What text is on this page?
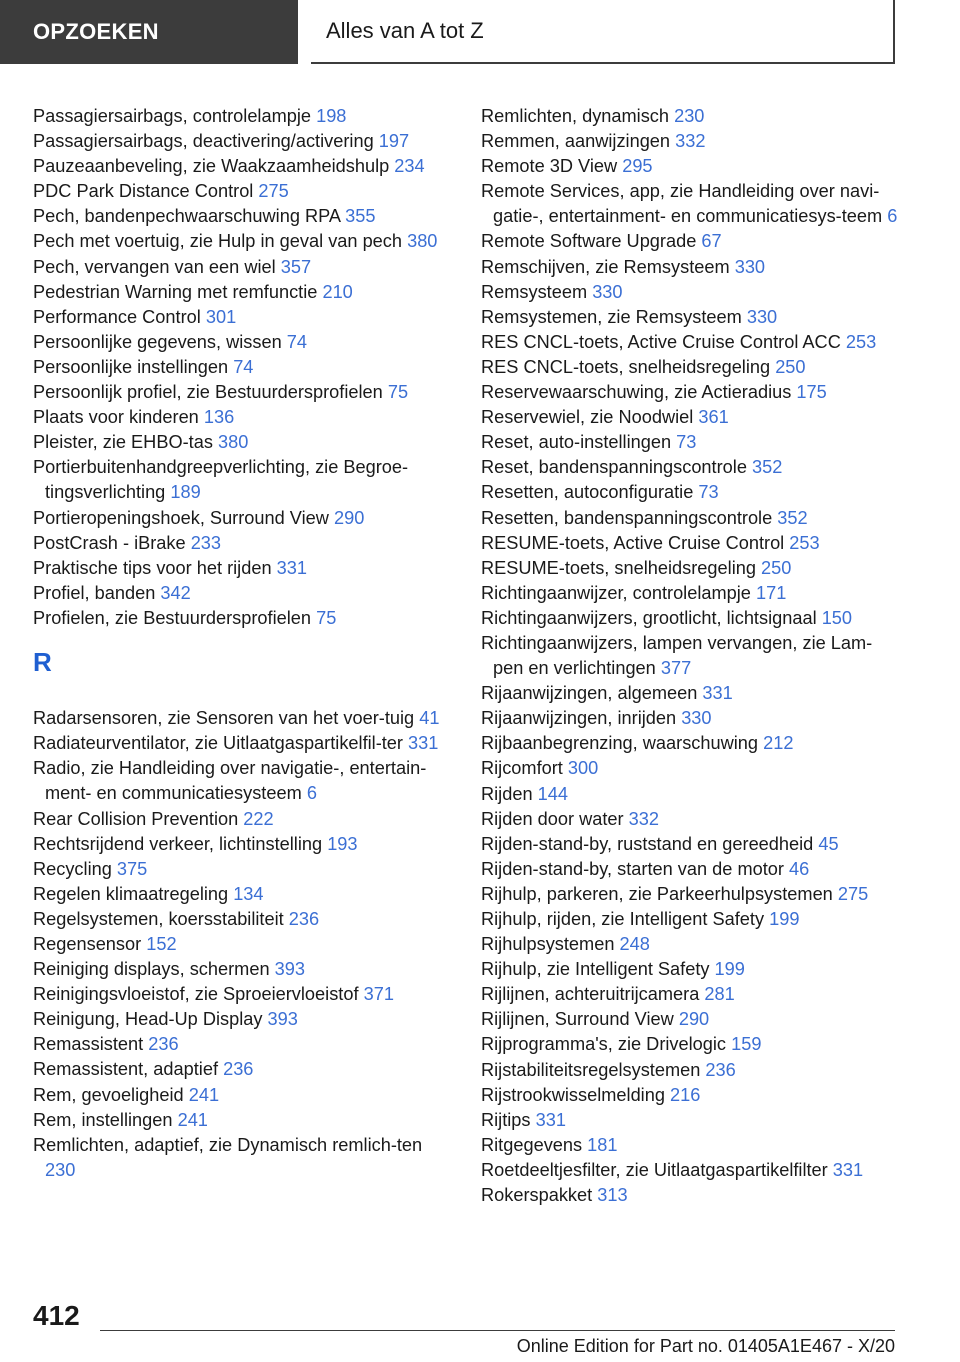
OPZOEKEN	Alles van A tot Z
Passagiersairbags, controlelampje 198
Passagiersairbags, deactivering/activering 197
Pauzeaanbeveling, zie Waakzaamheidshulp 234
PDC Park Distance Control 275
Pech, bandenpechwaarschuwing RPA 355
Pech met voertuig, zie Hulp in geval van pech 380
Pech, vervangen van een wiel 357
Pedestrian Warning met remfunctie 210
Performance Control 301
Persoonlijke gegevens, wissen 74
Persoonlijke instellingen 74
Persoonlijk profiel, zie Bestuurdersprofielen 75
Plaats voor kinderen 136
Pleister, zie EHBO-tas 380
Portierbuitenhandgreepverlichting, zie Begroe-tingsverlichting 189
Portieropeningshoek, Surround View 290
PostCrash - iBrake 233
Praktische tips voor het rijden 331
Profiel, banden 342
Profielen, zie Bestuurdersprofielen 75
R
Radarsensoren, zie Sensoren van het voer-tuig 41
Radiateurventilator, zie Uitlaatgaspartikelfil-ter 331
Radio, zie Handleiding over navigatie-, entertain-ment- en communicatiesysteem 6
Rear Collision Prevention 222
Rechtsrijdend verkeer, lichtinstelling 193
Recycling 375
Regelen klimaatregeling 134
Regelsystemen, koersstabiliteit 236
Regensensor 152
Reiniging displays, schermen 393
Reinigingsvloeistof, zie Sproeiervloeistof 371
Reinigung, Head-Up Display 393
Remassistent 236
Remassistent, adaptief 236
Rem, gevoeligheid 241
Rem, instellingen 241
Remlichten, adaptief, zie Dynamisch remlich-ten 230
Remlichten, dynamisch 230
Remmen, aanwijzingen 332
Remote 3D View 295
Remote Services, app, zie Handleiding over navi-gatie-, entertainment- en communicatiesys-teem 6
Remote Software Upgrade 67
Remschijven, zie Remsysteem 330
Remsysteem 330
Remsystemen, zie Remsysteem 330
RES CNCL-toets, Active Cruise Control ACC 253
RES CNCL-toets, snelheidsregeling 250
Reservewaarschuwing, zie Actieradius 175
Reservewiel, zie Noodwiel 361
Reset, auto-instellingen 73
Reset, bandenspanningscontrole 352
Resetten, autoconfiguratie 73
Resetten, bandenspanningscontrole 352
RESUME-toets, Active Cruise Control 253
RESUME-toets, snelheidsregeling 250
Richtingaanwijzer, controlelampje 171
Richtingaanwijzers, grootlicht, lichtsignaal 150
Richtingaanwijzers, lampen vervangen, zie Lam-pen en verlichtingen 377
Rijaanwijzingen, algemeen 331
Rijaanwijzingen, inrijden 330
Rijbaanbegrenzing, waarschuwing 212
Rijcomfort 300
Rijden 144
Rijden door water 332
Rijden-stand-by, ruststand en gereedheid 45
Rijden-stand-by, starten van de motor 46
Rijhulp, parkeren, zie Parkeerhulpsystemen 275
Rijhulp, rijden, zie Intelligent Safety 199
Rijhulpsystemen 248
Rijhulp, zie Intelligent Safety 199
Rijlijnen, achteruitrijcamera 281
Rijlijnen, Surround View 290
Rijprogramma's, zie Drivelogic 159
Rijstabiliteitsregelsystemen 236
Rijstrookwisselmelding 216
Rijtips 331
Ritgegevens 181
Roetdeeltjesfilter, zie Uitlaatgaspartikelfilter 331
Rokerspakket 313
412
Online Edition for Part no. 01405A1E467 - X/20
